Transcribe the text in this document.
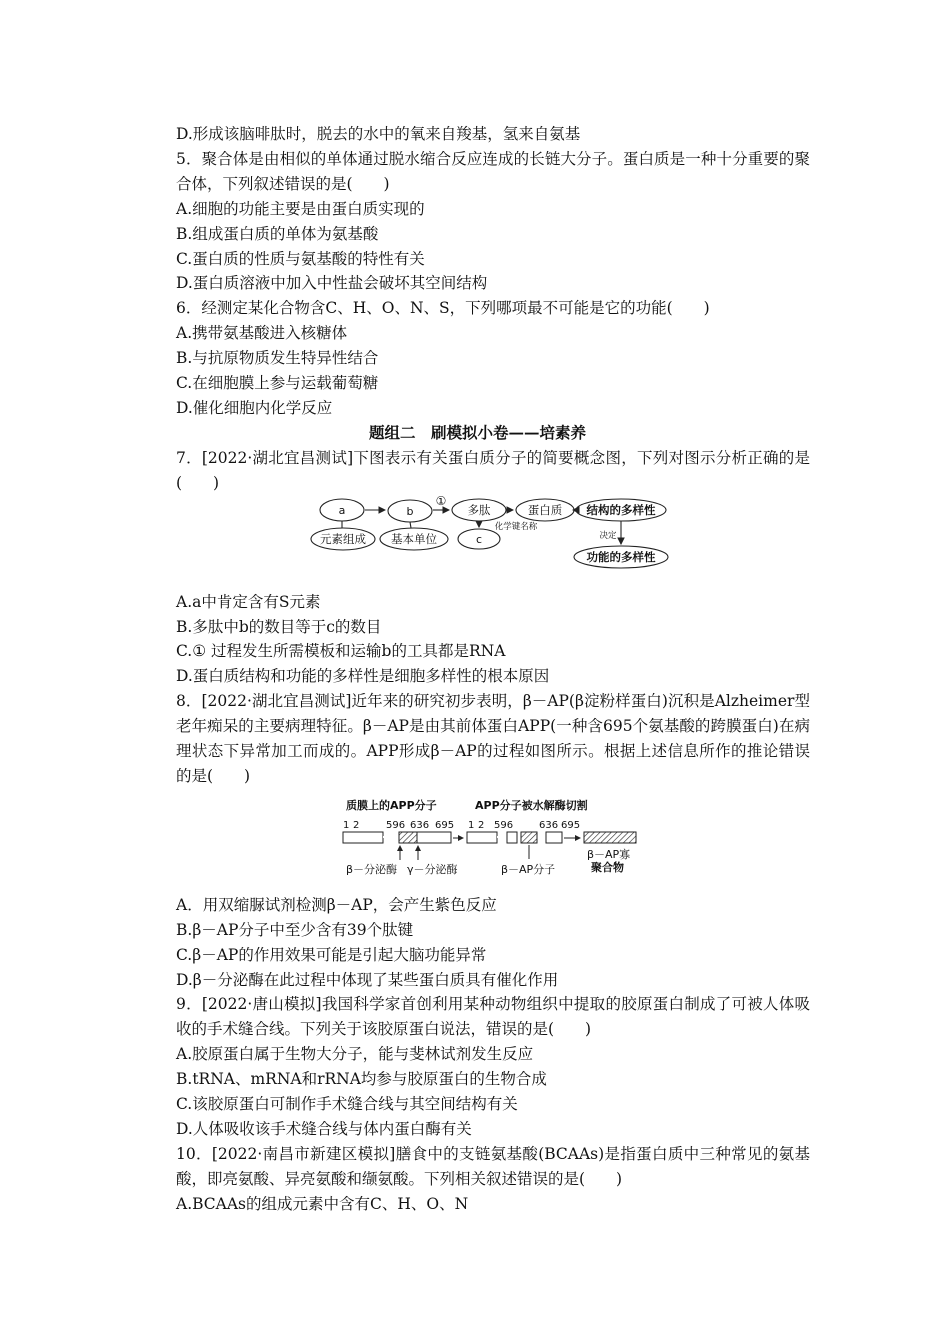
D.形成该脑啡肽时，脱去的水中的氧来自羧基，氢来自氨基

5．聚合体是由相似的单体通过脱水缩合反应连成的长链大分子。蛋白质是一种十分重要的聚合体，下列叙述错误的是(　　)

A.细胞的功能主要是由蛋白质实现的

B.组成蛋白质的单体为氨基酸

C.蛋白质的性质与氨基酸的特性有关

D.蛋白质溶液中加入中性盐会破坏其空间结构

6．经测定某化合物含C、H、O、N、S，下列哪项最不可能是它的功能(　　)

A.携带氨基酸进入核糖体

B.与抗原物质发生特异性结合

C.在细胞膜上参与运载葡萄糖

D.催化细胞内化学反应

题组二　刷模拟小卷——培素养

7．[2022·湖北宜昌测试]下图表示有关蛋白质分子的简要概念图，下列对图示分析正确的是(　　)

a	b
c
①
元素组成 基本单位
多肽	蛋白质 结构的多样性
功能的多样性
化学键名称
决定

A.a中肯定含有S元素

B.多肽中b的数目等于c的数目

C.① 过程发生所需模板和运输b的工具都是RNA

D.蛋白质结构和功能的多样性是细胞多样性的根本原因

8．[2022·湖北宜昌测试]近年来的研究初步表明，β－AP(β淀粉样蛋白)沉积是Alzheimer型老年痴呆的主要病理特征。β－AP是由其前体蛋白APP(一种含695个氨基酸的跨膜蛋白)在病理状态下异常加工而成的。APP形成β－AP的过程如图所示。根据上述信息所作的推论错误的是(　　)

质膜上的APP分子	APP分子被水解酶切割
1 2	596 636 695 1 2 596	636 695
β－分泌酶 γ－分泌酶	β－AP分子
β－AP寡
聚合物

A．用双缩脲试剂检测β－AP，会产生紫色反应

B.β－AP分子中至少含有39个肽键

C.β－AP的作用效果可能是引起大脑功能异常

D.β－分泌酶在此过程中体现了某些蛋白质具有催化作用

9．[2022·唐山模拟]我国科学家首创利用某种动物组织中提取的胶原蛋白制成了可被人体吸收的手术缝合线。下列关于该胶原蛋白说法，错误的是(　　)

A.胶原蛋白属于生物大分子，能与斐林试剂发生反应

B.tRNA、mRNA和rRNA均参与胶原蛋白的生物合成

C.该胶原蛋白可制作手术缝合线与其空间结构有关

D.人体吸收该手术缝合线与体内蛋白酶有关

10．[2022·南昌市新建区模拟]膳食中的支链氨基酸(BCAAs)是指蛋白质中三种常见的氨基酸，即亮氨酸、异亮氨酸和缬氨酸。下列相关叙述错误的是(　　)

A.BCAAs的组成元素中含有C、H、O、N
